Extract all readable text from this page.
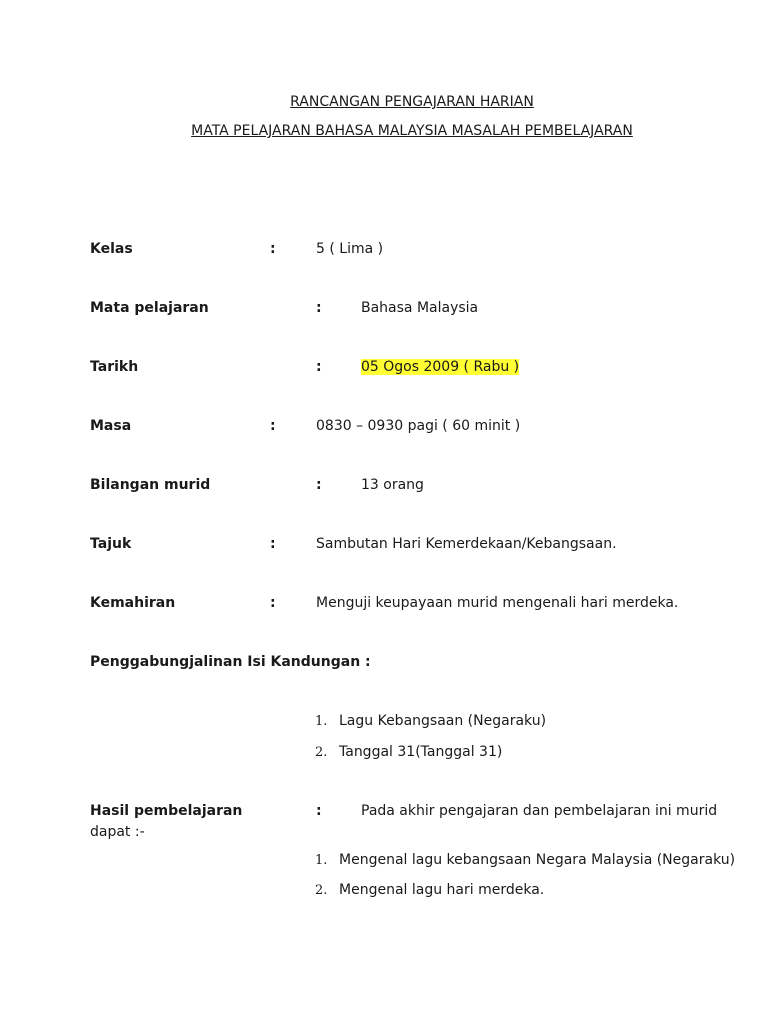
RANCANGAN PENGAJARAN HARIAN
MATA PELAJARAN BAHASA MALAYSIA MASALAH PEMBELAJARAN
Kelas	:	5 ( Lima )
Mata pelajaran	:	Bahasa Malaysia
Tarikh	:	05 Ogos 2009 ( Rabu )
Masa	:	0830 – 0930 pagi ( 60 minit )
Bilangan murid	:	13 orang
Tajuk	:	Sambutan Hari Kemerdekaan/Kebangsaan.
Kemahiran	:	Menguji keupayaan murid mengenali hari merdeka.
Penggabungjalinan Isi Kandungan :
1. Lagu Kebangsaan (Negaraku)
2. Tanggal 31(Tanggal 31)
Hasil pembelajaran	:	Pada akhir pengajaran dan pembelajaran ini murid
dapat :-
1. Mengenal lagu kebangsaan Negara Malaysia (Negaraku)
2. Mengenal lagu hari merdeka.
